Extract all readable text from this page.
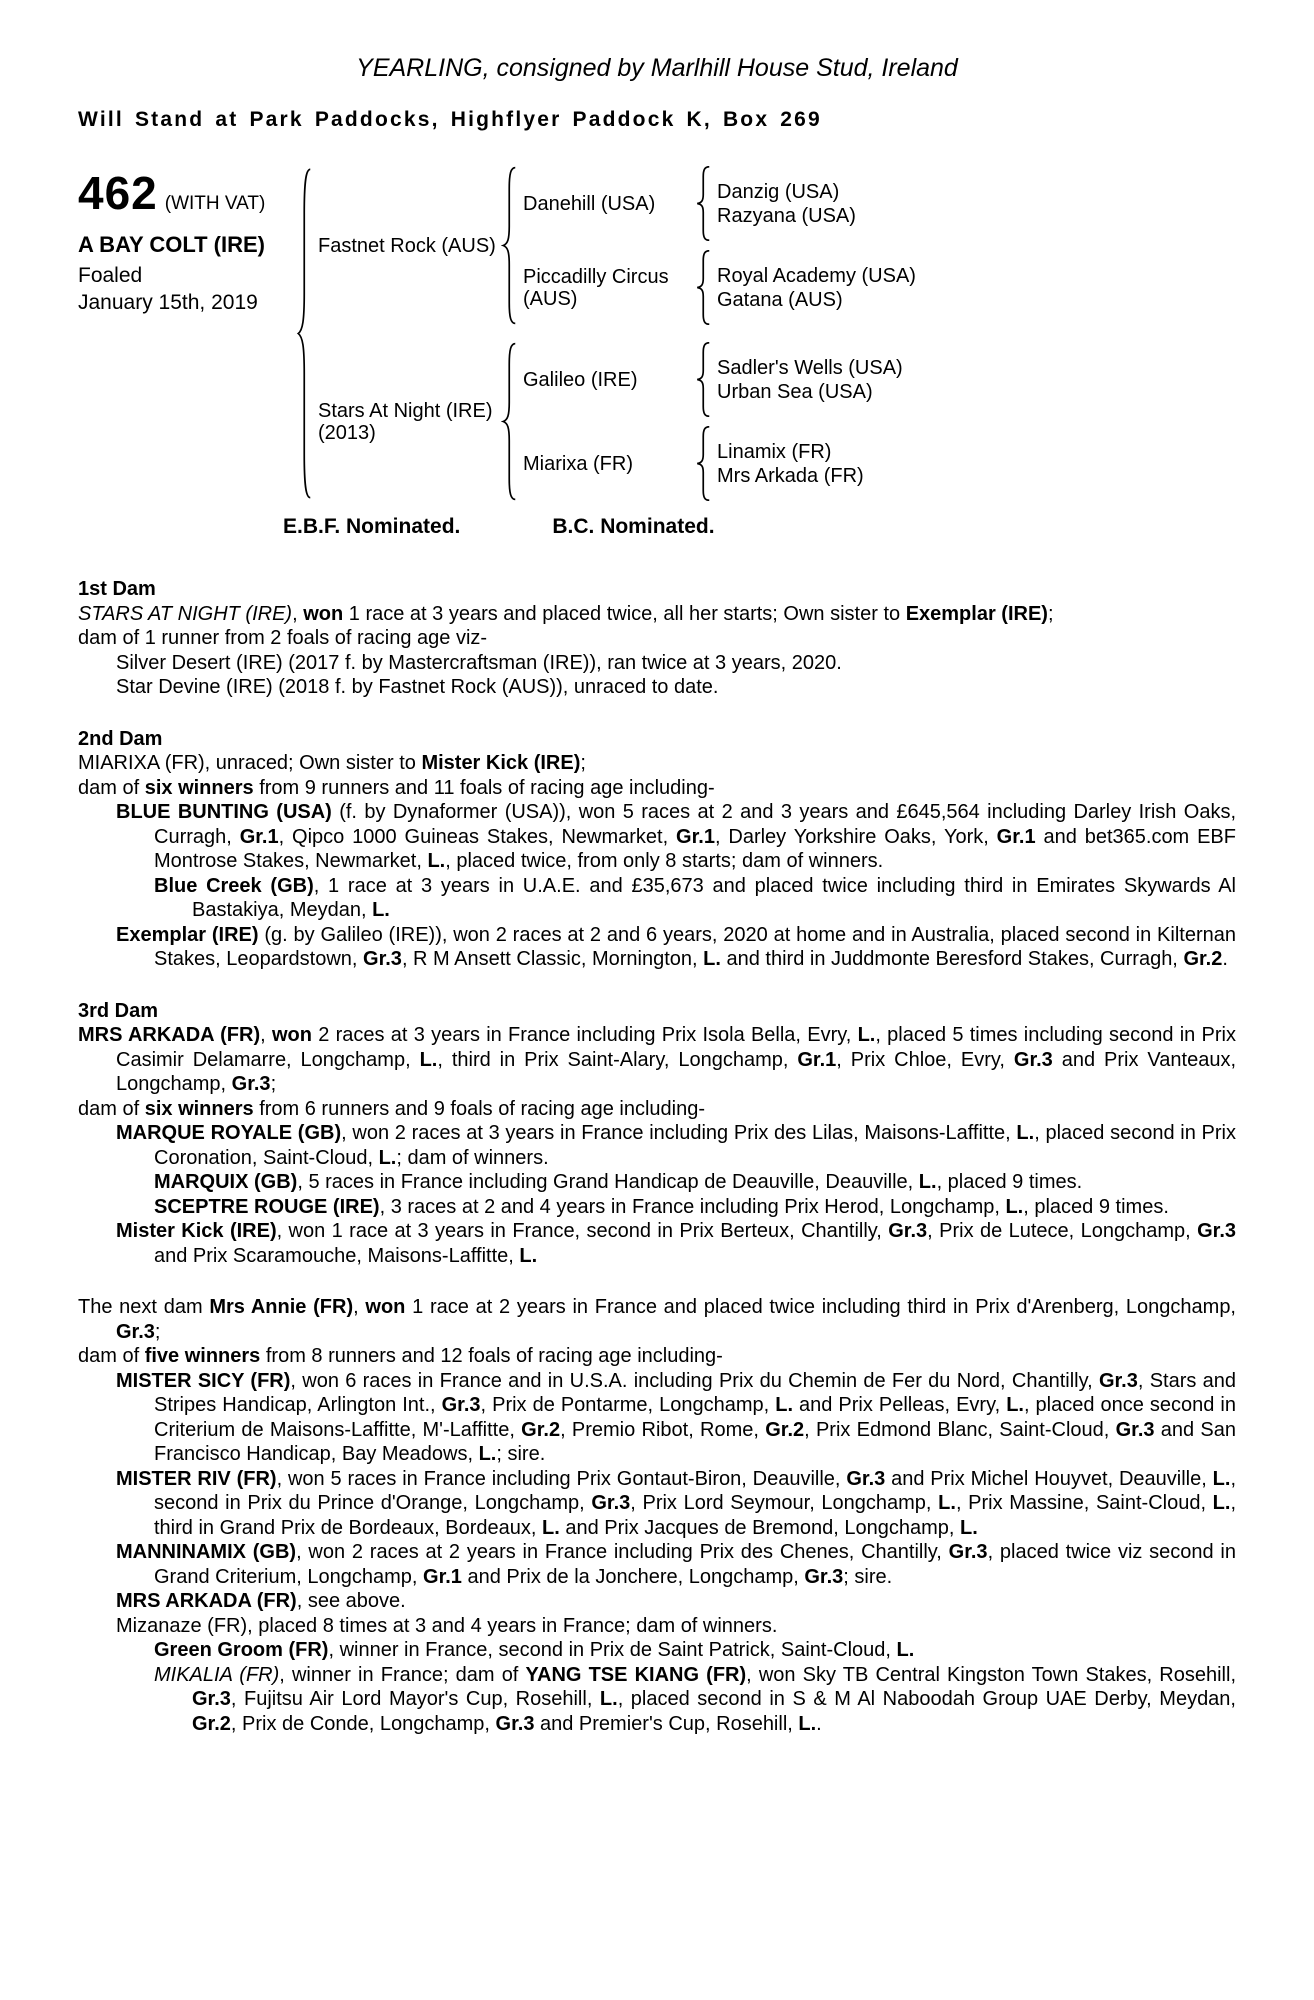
YEARLING, consigned by Marlhill House Stud, Ireland
Will Stand at Park Paddocks, Highflyer Paddock K, Box 269
462 (WITH VAT)
A BAY COLT (IRE)
Foaled
January 15th, 2019
Fastnet Rock (AUS)
Danehill (USA)
Danzig (USA)
Razyana (USA)
Piccadilly Circus (AUS)
Royal Academy (USA)
Gatana (AUS)
Stars At Night (IRE)
(2013)
Galileo (IRE)
Sadler's Wells (USA)
Urban Sea (USA)
Miarixa (FR)
Linamix (FR)
Mrs Arkada (FR)
E.B.F. Nominated.	B.C. Nominated.
1st Dam

STARS AT NIGHT (IRE), won 1 race at 3 years and placed twice, all her starts; Own sister to Exemplar (IRE);

dam of 1 runner from 2 foals of racing age viz-

Silver Desert (IRE) (2017 f. by Mastercraftsman (IRE)), ran twice at 3 years, 2020.

Star Devine (IRE) (2018 f. by Fastnet Rock (AUS)), unraced to date.

2nd Dam

MIARIXA (FR), unraced; Own sister to Mister Kick (IRE);

dam of six winners from 9 runners and 11 foals of racing age including-

BLUE BUNTING (USA) (f. by Dynaformer (USA)), won 5 races at 2 and 3 years and £645,564 including Darley Irish Oaks, Curragh, Gr.1, Qipco 1000 Guineas Stakes, Newmarket, Gr.1, Darley Yorkshire Oaks, York, Gr.1 and bet365.com EBF Montrose Stakes, Newmarket, L., placed twice, from only 8 starts; dam of winners.

Blue Creek (GB), 1 race at 3 years in U.A.E. and £35,673 and placed twice including third in Emirates Skywards Al Bastakiya, Meydan, L.

Exemplar (IRE) (g. by Galileo (IRE)), won 2 races at 2 and 6 years, 2020 at home and in Australia, placed second in Kilternan Stakes, Leopardstown, Gr.3, R M Ansett Classic, Mornington, L. and third in Juddmonte Beresford Stakes, Curragh, Gr.2.

3rd Dam

MRS ARKADA (FR), won 2 races at 3 years in France including Prix Isola Bella, Evry, L., placed 5 times including second in Prix Casimir Delamarre, Longchamp, L., third in Prix Saint-Alary, Longchamp, Gr.1, Prix Chloe, Evry, Gr.3 and Prix Vanteaux, Longchamp, Gr.3;

dam of six winners from 6 runners and 9 foals of racing age including-

MARQUE ROYALE (GB), won 2 races at 3 years in France including Prix des Lilas, Maisons-Laffitte, L., placed second in Prix Coronation, Saint-Cloud, L.; dam of winners.

MARQUIX (GB), 5 races in France including Grand Handicap de Deauville, Deauville, L., placed 9 times.

SCEPTRE ROUGE (IRE), 3 races at 2 and 4 years in France including Prix Herod, Longchamp, L., placed 9 times.

Mister Kick (IRE), won 1 race at 3 years in France, second in Prix Berteux, Chantilly, Gr.3, Prix de Lutece, Longchamp, Gr.3 and Prix Scaramouche, Maisons-Laffitte, L.

The next dam Mrs Annie (FR), won 1 race at 2 years in France and placed twice including third in Prix d'Arenberg, Longchamp, Gr.3;

dam of five winners from 8 runners and 12 foals of racing age including-

MISTER SICY (FR), won 6 races in France and in U.S.A. including Prix du Chemin de Fer du Nord, Chantilly, Gr.3, Stars and Stripes Handicap, Arlington Int., Gr.3, Prix de Pontarme, Longchamp, L. and Prix Pelleas, Evry, L., placed once second in Criterium de Maisons-Laffitte, M'-Laffitte, Gr.2, Premio Ribot, Rome, Gr.2, Prix Edmond Blanc, Saint-Cloud, Gr.3 and San Francisco Handicap, Bay Meadows, L.; sire.

MISTER RIV (FR), won 5 races in France including Prix Gontaut-Biron, Deauville, Gr.3 and Prix Michel Houyvet, Deauville, L., second in Prix du Prince d'Orange, Longchamp, Gr.3, Prix Lord Seymour, Longchamp, L., Prix Massine, Saint-Cloud, L., third in Grand Prix de Bordeaux, Bordeaux, L. and Prix Jacques de Bremond, Longchamp, L.

MANNINAMIX (GB), won 2 races at 2 years in France including Prix des Chenes, Chantilly, Gr.3, placed twice viz second in Grand Criterium, Longchamp, Gr.1 and Prix de la Jonchere, Longchamp, Gr.3; sire.

MRS ARKADA (FR), see above.

Mizanaze (FR), placed 8 times at 3 and 4 years in France; dam of winners.

Green Groom (FR), winner in France, second in Prix de Saint Patrick, Saint-Cloud, L.

MIKALIA (FR), winner in France; dam of YANG TSE KIANG (FR), won Sky TB Central Kingston Town Stakes, Rosehill, Gr.3, Fujitsu Air Lord Mayor's Cup, Rosehill, L., placed second in S & M Al Naboodah Group UAE Derby, Meydan, Gr.2, Prix de Conde, Longchamp, Gr.3 and Premier's Cup, Rosehill, L..
